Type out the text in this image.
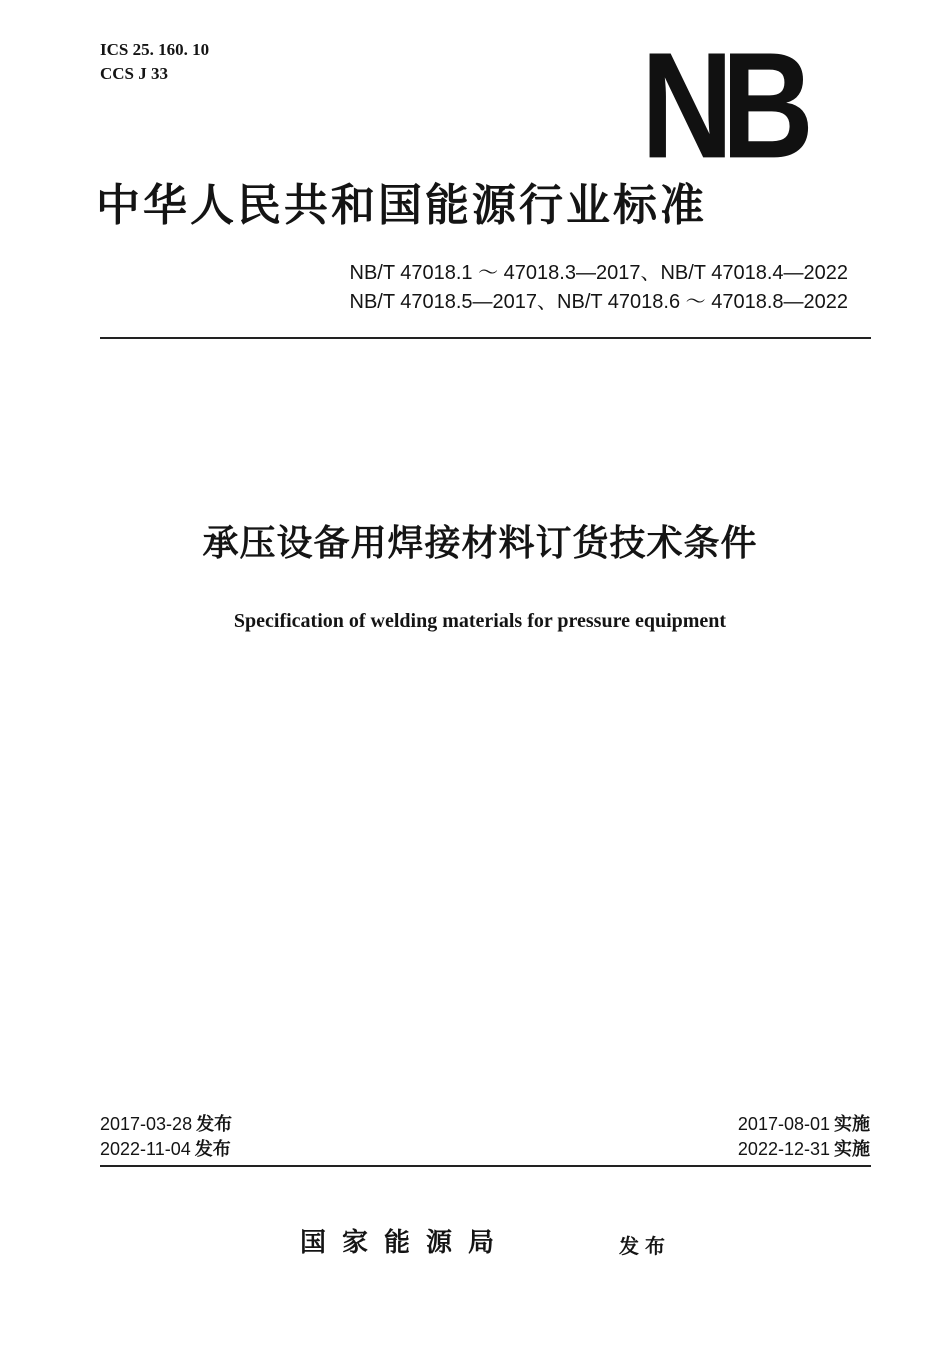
ICS 25. 160. 10
CCS J 33	NB
中华人民共和国能源行业标准
NB/T 47018.1 ～ 47018.3—2017、NB/T 47018.4—2022
NB/T 47018.5—2017、NB/T 47018.6 ～ 47018.8—2022
承压设备用焊接材料订货技术条件
Specification of welding materials for pressure equipment
2017-03-28 发布
2022-11-04 发布
2017-08-01 实施
2022-12-31 实施
国家能源局	发布
